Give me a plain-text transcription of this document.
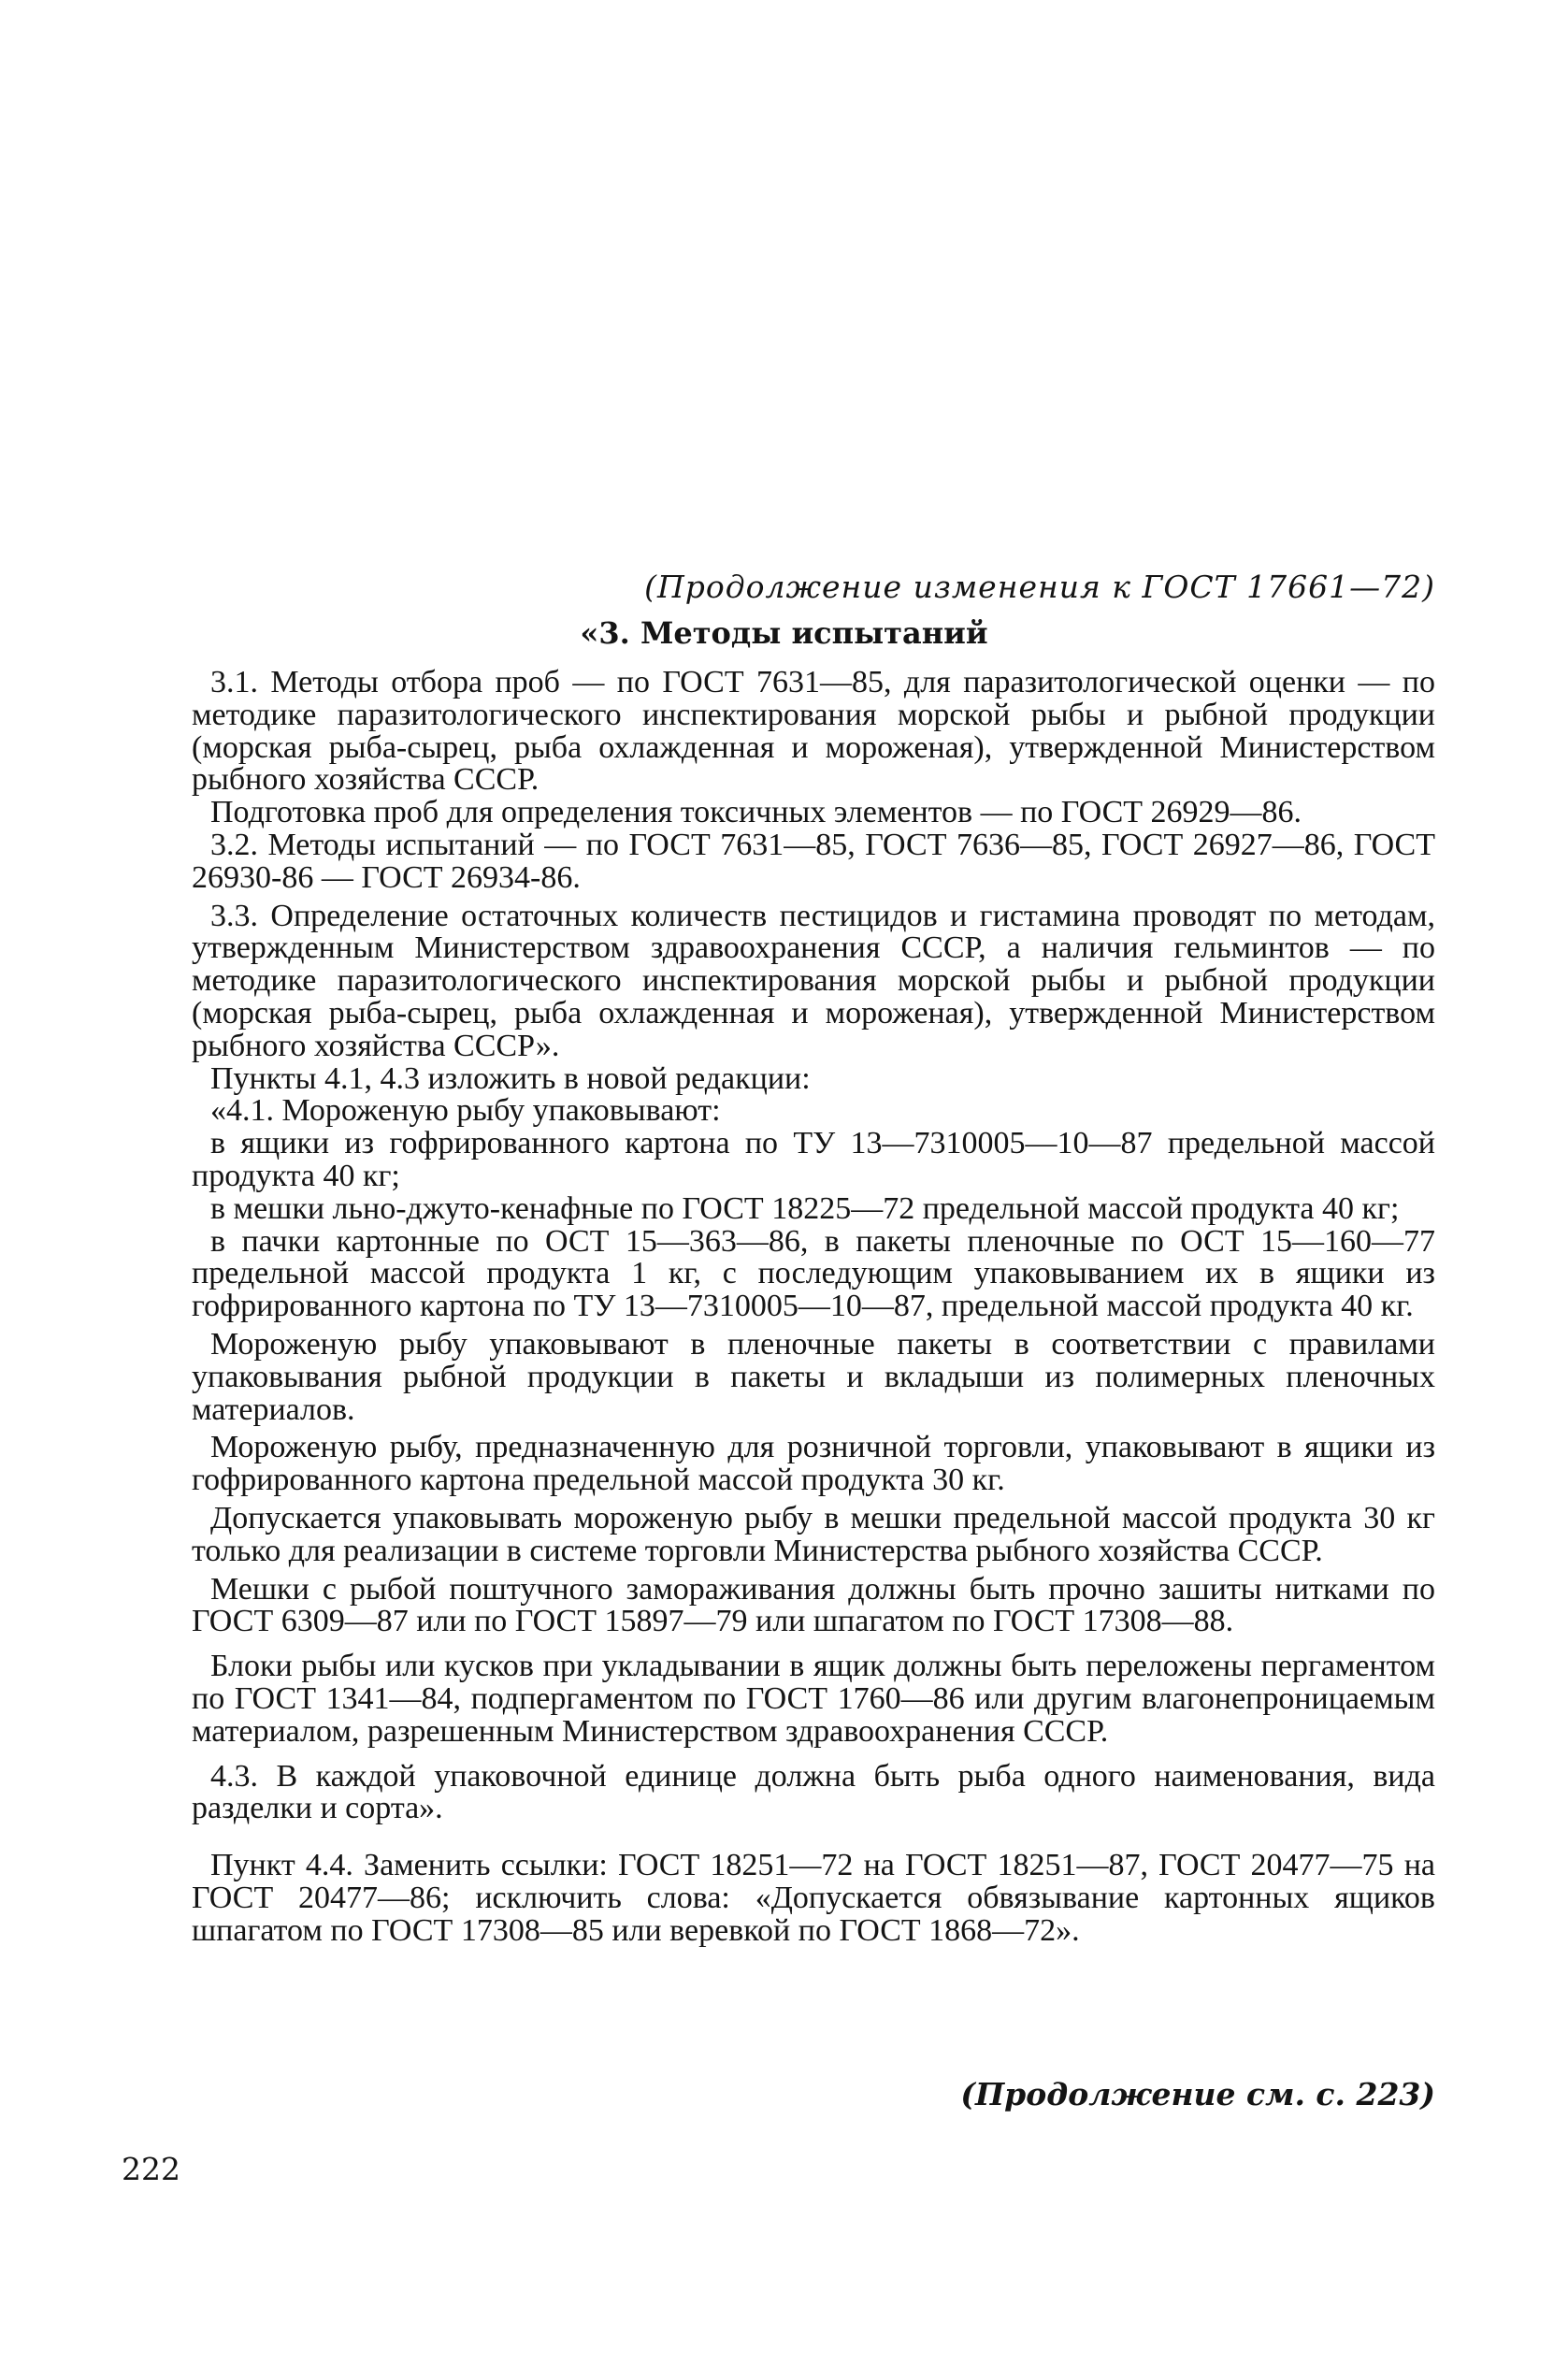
(Продолжение изменения к ГОСТ 17661—72)
«3. Методы испытаний

3.1. Методы отбора проб — по ГОСТ 7631—85, для паразитологической оценки — по методике паразитологического инспектирования морской рыбы и рыбной продукции (морская рыба-сырец, рыба охлажденная и мороженая), утвержденной Министерством рыбного хозяйства СССР.

Подготовка проб для определения токсичных элементов — по ГОСТ 26929—86.

3.2. Методы испытаний — по ГОСТ 7631—85, ГОСТ 7636—85, ГОСТ 26927—86, ГОСТ 26930-86 — ГОСТ 26934-86.

3.3. Определение остаточных количеств пестицидов и гистамина проводят по методам, утвержденным Министерством здравоохранения СССР, а наличия гельминтов — по методике паразитологического инспектирования морской рыбы и рыбной продукции (морская рыба-сырец, рыба охлажденная и мороженая), утвержденной Министерством рыбного хозяйства СССР».

Пункты 4.1, 4.3 изложить в новой редакции:

«4.1. Мороженую рыбу упаковывают:

в ящики из гофрированного картона по ТУ 13—7310005—10—87 предельной массой продукта 40 кг;

в мешки льно-джуто-кенафные по ГОСТ 18225—72 предельной массой продукта 40 кг;

в пачки картонные по ОСТ 15—363—86, в пакеты пленочные по ОСТ 15—160—77 предельной массой продукта 1 кг, с последующим упаковыванием их в ящики из гофрированного картона по ТУ 13—7310005—10—87, предельной массой продукта 40 кг.

Мороженую рыбу упаковывают в пленочные пакеты в соответствии с правилами упаковывания рыбной продукции в пакеты и вкладыши из полимерных пленочных материалов.

Мороженую рыбу, предназначенную для розничной торговли, упаковывают в ящики из гофрированного картона предельной массой продукта 30 кг.

Допускается упаковывать мороженую рыбу в мешки предельной массой продукта 30 кг только для реализации в системе торговли Министерства рыбного хозяйства СССР.

Мешки с рыбой поштучного замораживания должны быть прочно зашиты нитками по ГОСТ 6309—87 или по ГОСТ 15897—79 или шпагатом по ГОСТ 17308—88.

Блоки рыбы или кусков при укладывании в ящик должны быть переложены пергаментом по ГОСТ 1341—84, подпергаментом по ГОСТ 1760—86 или другим влагонепроницаемым материалом, разрешенным Министерством здравоохранения СССР.

4.3. В каждой упаковочной единице должна быть рыба одного наименования, вида разделки и сорта».

Пункт 4.4. Заменить ссылки: ГОСТ 18251—72 на ГОСТ 18251—87, ГОСТ 20477—75 на ГОСТ 20477—86; исключить слова: «Допускается обвязывание картонных ящиков шпагатом по ГОСТ 17308—85 или веревкой по ГОСТ 1868—72».

(Продолжение см. с. 223)
222
